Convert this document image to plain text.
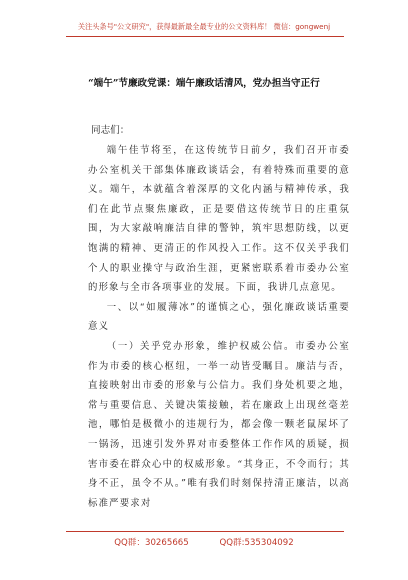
关注头条号"公文研究"，获得最新最全最专业的公文资料库！ 微信：gongwenj
“端午”节廉政党课：端午廉政话清风，党办担当守正行
同志们：

端午佳节将至，在这传统节日前夕，我们召开市委办公室机关干部集体廉政谈话会，有着特殊而重要的意义。端午，本就蕴含着深厚的文化内涵与精神传承，我们在此节点聚焦廉政，正是要借这传统节日的庄重氛围，为大家敲响廉洁自律的警钟，筑牢思想防线，以更饱满的精神、更清正的作风投入工作。这不仅关乎我们个人的职业操守与政治生涯，更紧密联系着市委办公室的形象与全市各项事业的发展。下面，我讲几点意见。

一、以“如履薄冰”的谨慎之心，强化廉政谈话重要意义

（一）关乎党办形象，维护权威公信。市委办公室作为市委的核心枢纽，一举一动皆受瞩目。廉洁与否，直接映射出市委的形象与公信力。我们身处机要之地，常与重要信息、关键决策接触，若在廉政上出现丝毫差池，哪怕是极微小的违规行为，都会像一颗老鼠屎坏了一锅汤，迅速引发外界对市委整体工作作风的质疑，损害市委在群众心中的权威形象。“其身正，不令而行；其身不正，虽令不从。”唯有我们时刻保持清正廉洁，以高标准严要求对

QQ群：30265665	QQ群:535304092
